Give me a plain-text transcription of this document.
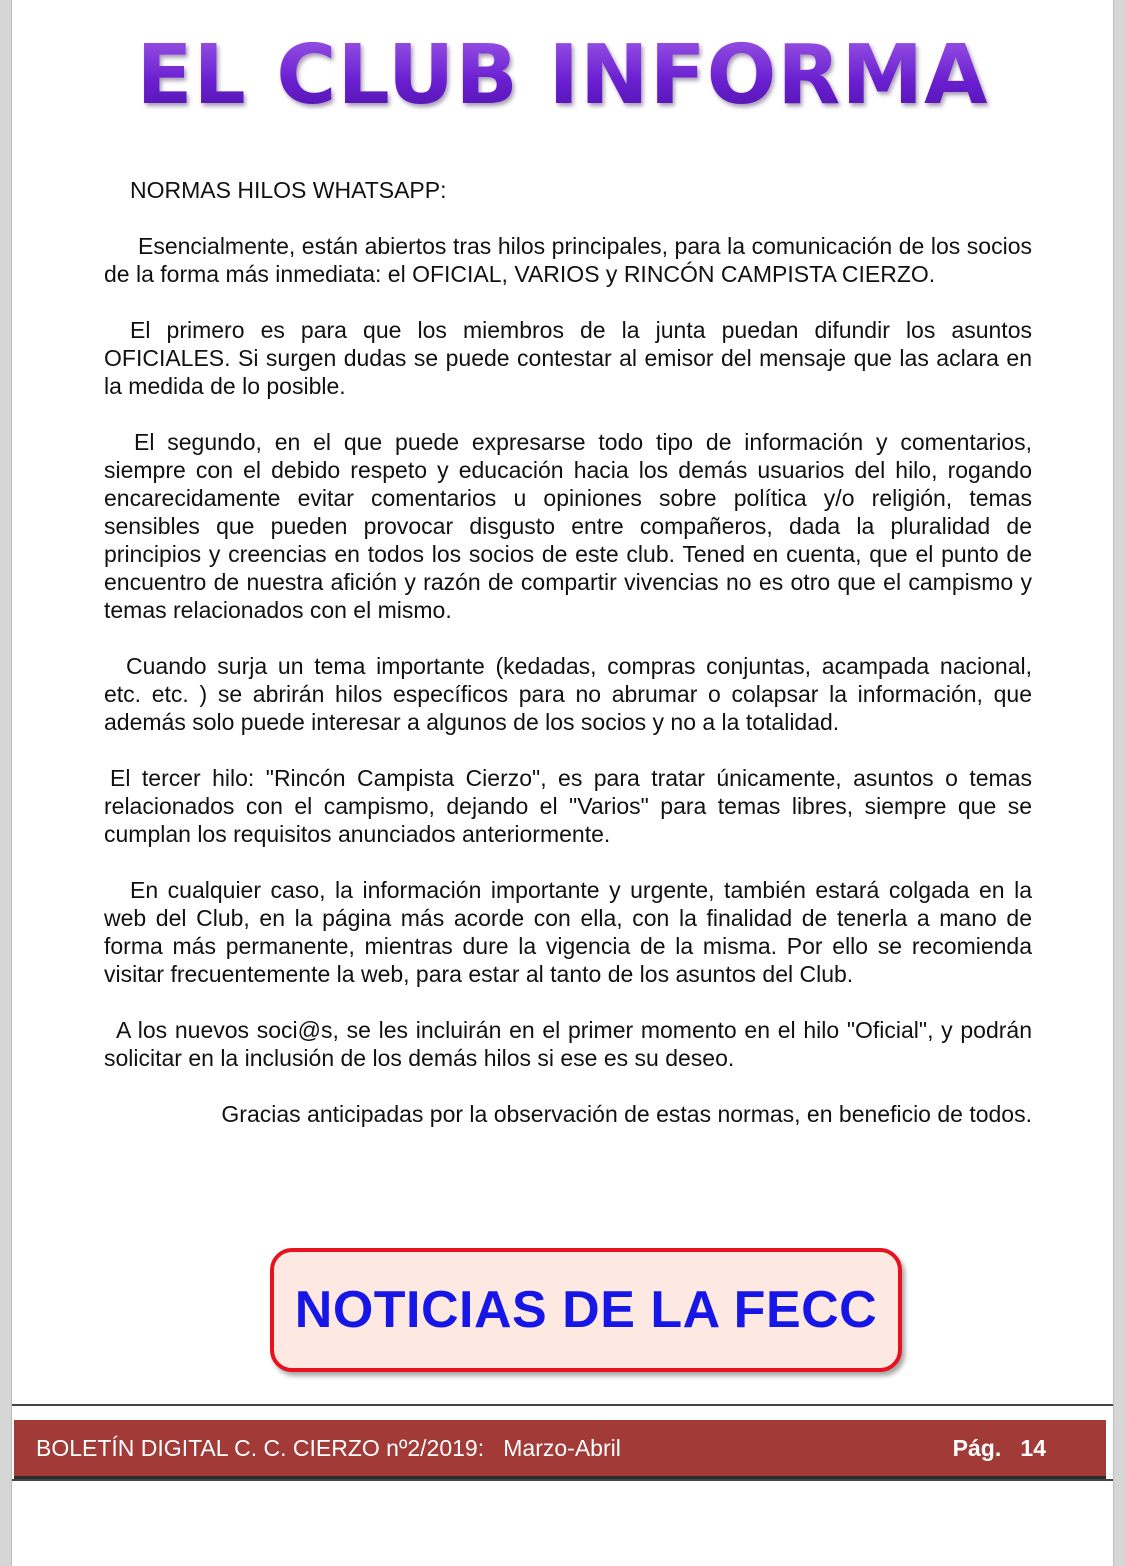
EL CLUB INFORMA

NORMAS HILOS WHATSAPP:

Esencialmente, están abiertos tras hilos principales, para la comunicación de los socios de la forma más inmediata: el OFICIAL, VARIOS y RINCÓN CAMPISTA CIERZO.

El primero es para que los miembros de la junta puedan difundir los asuntos OFICIALES. Si surgen dudas se puede contestar al emisor del mensaje que las aclara en la medida de lo posible.

El segundo, en el que puede expresarse todo tipo de información y comentarios, siempre con el debido respeto y educación hacia los demás usuarios del hilo, rogando encarecidamente evitar comentarios u opiniones sobre política y/o religión, temas sensibles que pueden provocar disgusto entre compañeros, dada la pluralidad de principios y creencias en todos los socios de este club. Tened en cuenta, que el punto de encuentro de nuestra afición y razón de compartir vivencias no es otro que el campismo y temas relacionados con el mismo.

Cuando surja un tema importante (kedadas, compras conjuntas, acampada nacional, etc. etc. ) se abrirán hilos específicos para no abrumar o colapsar la información, que además solo puede interesar a algunos de los socios y no a la totalidad.

El tercer hilo: "Rincón Campista Cierzo", es para tratar únicamente, asuntos o temas relacionados con el campismo, dejando el "Varios" para temas libres, siempre que se cumplan los requisitos anunciados anteriormente.

En cualquier caso, la información importante y urgente, también estará colgada en la web del Club, en la página más acorde con ella, con la finalidad de tenerla a mano de forma más permanente, mientras dure la vigencia de la misma. Por ello se recomienda visitar frecuentemente la web, para estar al tanto de los asuntos del Club.

A los nuevos soci@s, se les incluirán en el primer momento en el hilo "Oficial", y podrán solicitar en la inclusión de los demás hilos si ese es su deseo.

Gracias anticipadas por la observación de estas normas, en beneficio de todos.

NOTICIAS DE LA FECC
BOLETÍN DIGITAL C. C. CIERZO nº2/2019:   Marzo-Abril	Pág.   14
